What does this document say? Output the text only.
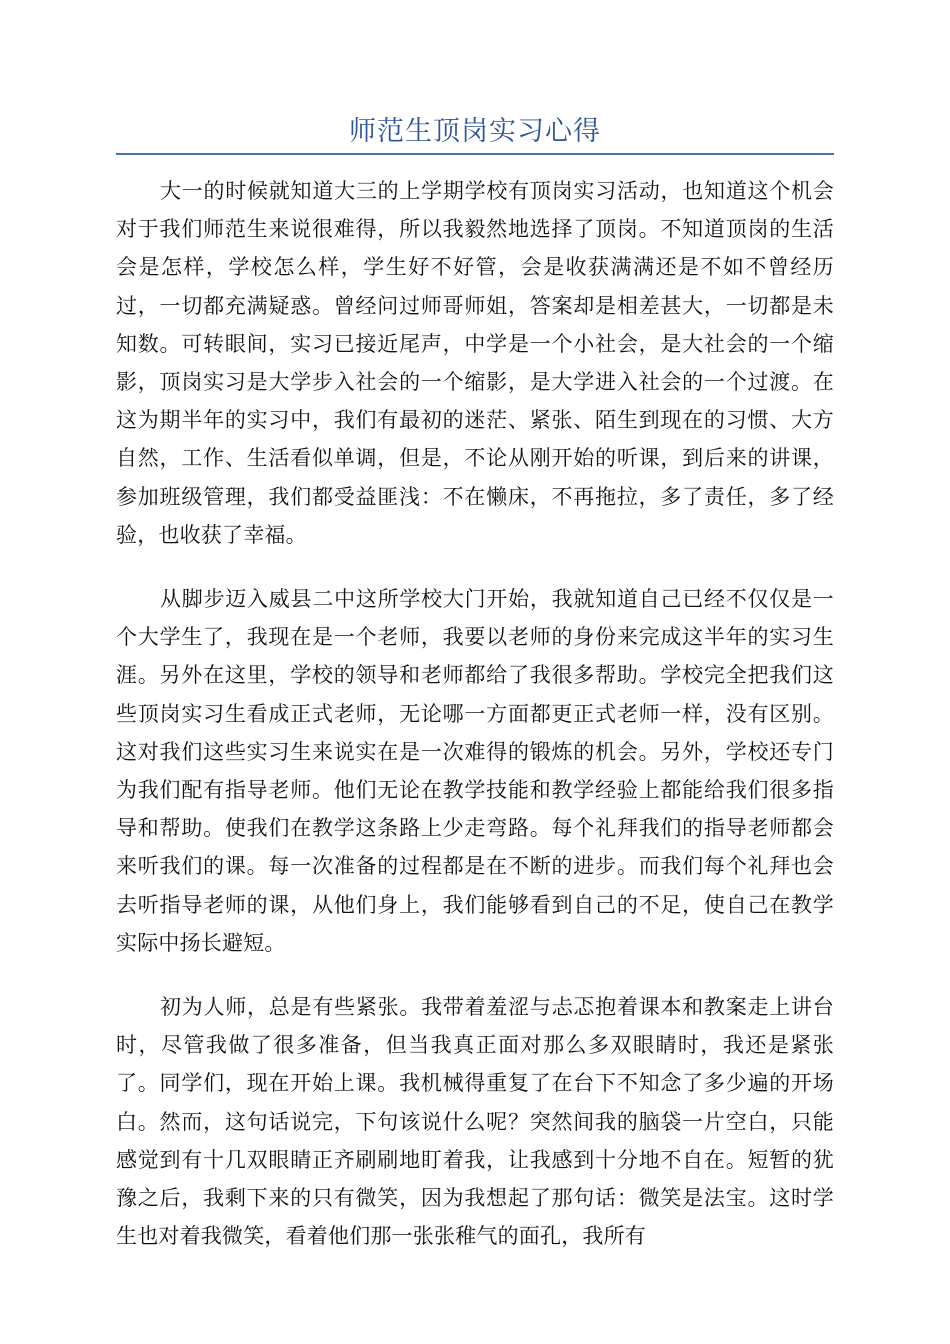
师范生顶岗实习心得

大一的时候就知道大三的上学期学校有顶岗实习活动，也知道这个机会对于我们师范生来说很难得，所以我毅然地选择了顶岗。不知道顶岗的生活会是怎样，学校怎么样，学生好不好管，会是收获满满还是不如不曾经历过，一切都充满疑惑。曾经问过师哥师姐，答案却是相差甚大，一切都是未知数。可转眼间，实习已接近尾声，中学是一个小社会，是大社会的一个缩影，顶岗实习是大学步入社会的一个缩影，是大学进入社会的一个过渡。在这为期半年的实习中，我们有最初的迷茫、紧张、陌生到现在的习惯、大方自然，工作、生活看似单调，但是，不论从刚开始的听课，到后来的讲课，参加班级管理，我们都受益匪浅：不在懒床，不再拖拉，多了责任，多了经验，也收获了幸福。

从脚步迈入威县二中这所学校大门开始，我就知道自己已经不仅仅是一个大学生了，我现在是一个老师，我要以老师的身份来完成这半年的实习生涯。另外在这里，学校的领导和老师都给了我很多帮助。学校完全把我们这些顶岗实习生看成正式老师，无论哪一方面都更正式老师一样，没有区别。这对我们这些实习生来说实在是一次难得的锻炼的机会。另外，学校还专门为我们配有指导老师。他们无论在教学技能和教学经验上都能给我们很多指导和帮助。使我们在教学这条路上少走弯路。每个礼拜我们的指导老师都会来听我们的课。每一次准备的过程都是在不断的进步。而我们每个礼拜也会去听指导老师的课，从他们身上，我们能够看到自己的不足，使自己在教学实际中扬长避短。

初为人师，总是有些紧张。我带着羞涩与忐忑抱着课本和教案走上讲台时，尽管我做了很多准备，但当我真正面对那么多双眼睛时，我还是紧张了。同学们，现在开始上课。我机械得重复了在台下不知念了多少遍的开场白。然而，这句话说完，下句该说什么呢？突然间我的脑袋一片空白，只能感觉到有十几双眼睛正齐刷刷地盯着我，让我感到十分地不自在。短暂的犹豫之后，我剩下来的只有微笑，因为我想起了那句话：微笑是法宝。这时学生也对着我微笑，看着他们那一张张稚气的面孔，我所有
